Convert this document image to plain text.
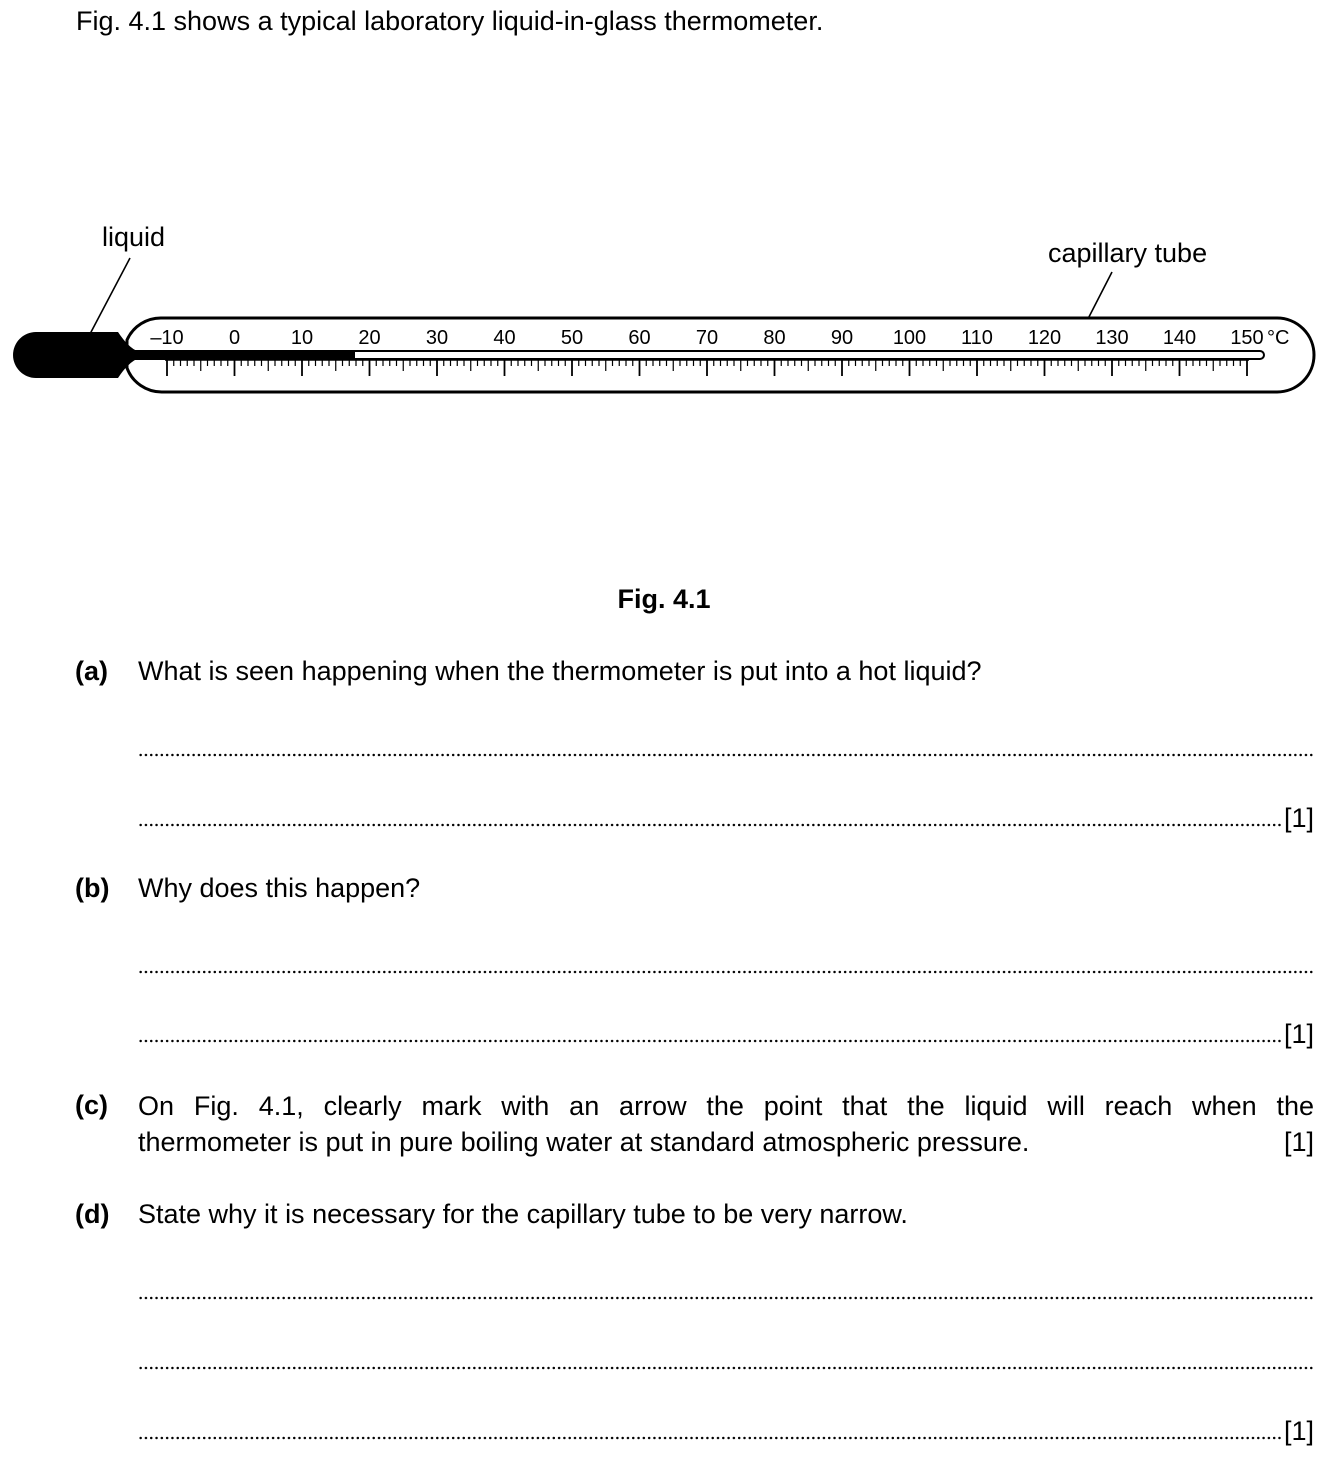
Fig. 4.1 shows a typical laboratory liquid-in-glass thermometer.
liquid
capillary tube
–10 0	10 20 30 40 50 60 70 80 90 100 110 120 130 140 150 °C
Fig. 4.1
(a) What is seen happening when the thermometer is put into a hot liquid?
[1]
(b) Why does this happen?
[1]
(c) On Fig. 4.1, clearly mark with an arrow the point that the liquid will reach when the
thermometer is put in pure boiling water at standard atmospheric pressure.	[1]
(d) State why it is necessary for the capillary tube to be very narrow.
[1]
